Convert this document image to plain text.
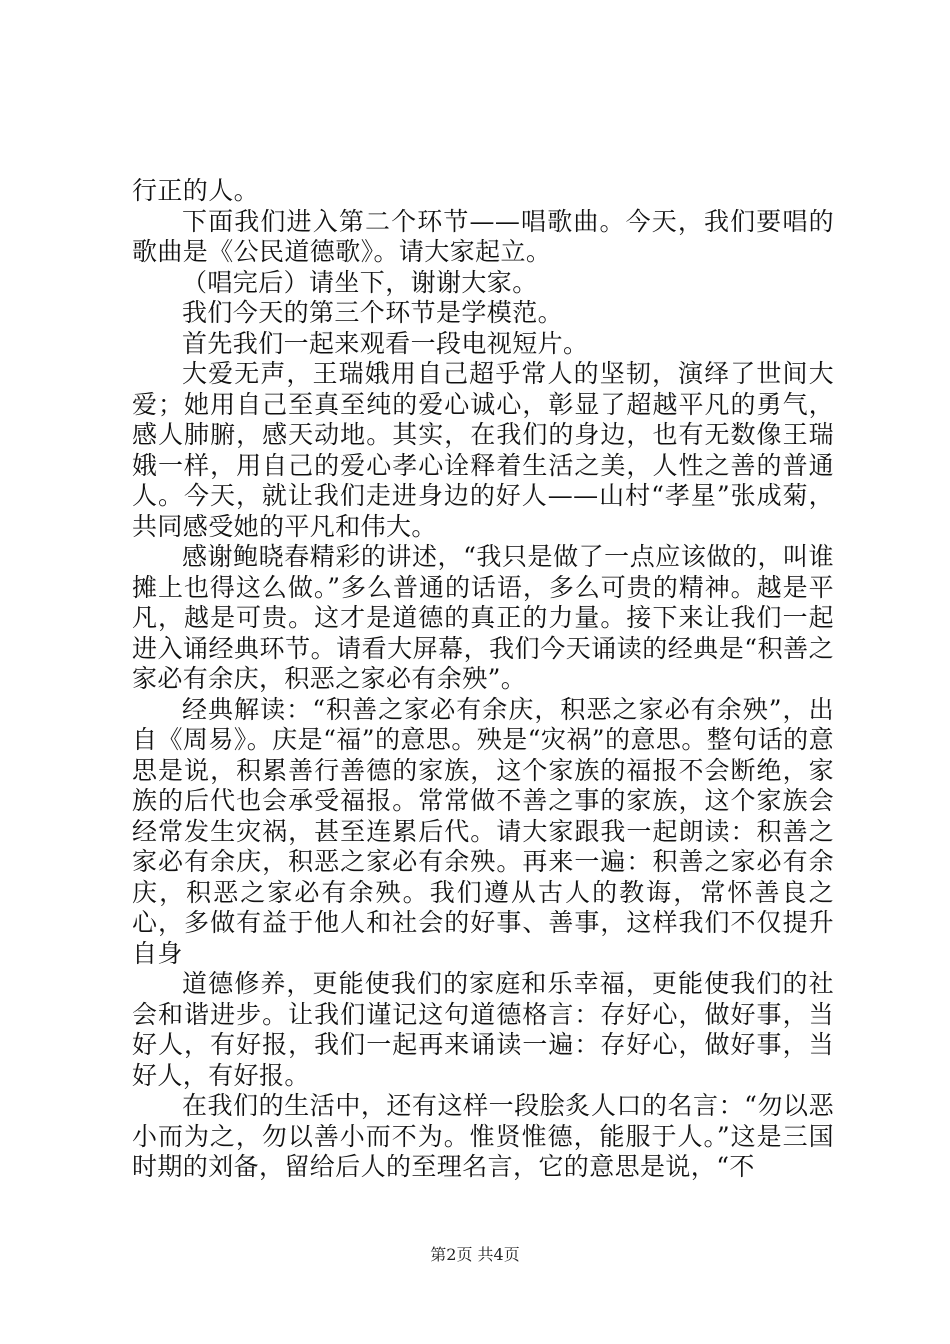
行正的人。

下面我们进入第二个环节——唱歌曲。今天，我们要唱的歌曲是《公民道德歌》。请大家起立。

（唱完后）请坐下，谢谢大家。

我们今天的第三个环节是学模范。

首先我们一起来观看一段电视短片。

大爱无声，王瑞娥用自己超乎常人的坚韧，演绎了世间大爱；她用自己至真至纯的爱心诚心，彰显了超越平凡的勇气，感人肺腑，感天动地。其实，在我们的身边，也有无数像王瑞娥一样，用自己的爱心孝心诠释着生活之美，人性之善的普通人。今天，就让我们走进身边的好人——山村“孝星”张成菊，共同感受她的平凡和伟大。

感谢鲍晓春精彩的讲述，“我只是做了一点应该做的，叫谁摊上也得这么做。”多么普通的话语，多么可贵的精神。越是平凡，越是可贵。这才是道德的真正的力量。接下来让我们一起进入诵经典环节。请看大屏幕，我们今天诵读的经典是“积善之家必有余庆，积恶之家必有余殃”。

经典解读：“积善之家必有余庆，积恶之家必有余殃”，出自《周易》。庆是“福”的意思。殃是“灾祸”的意思。整句话的意思是说，积累善行善德的家族，这个家族的福报不会断绝，家族的后代也会承受福报。常常做不善之事的家族，这个家族会经常发生灾祸，甚至连累后代。请大家跟我一起朗读：积善之家必有余庆，积恶之家必有余殃。再来一遍：积善之家必有余庆，积恶之家必有余殃。我们遵从古人的教诲，常怀善良之心，多做有益于他人和社会的好事、善事，这样我们不仅提升自身

道德修养，更能使我们的家庭和乐幸福，更能使我们的社会和谐进步。让我们谨记这句道德格言：存好心，做好事，当好人，有好报，我们一起再来诵读一遍：存好心，做好事，当好人，有好报。

在我们的生活中，还有这样一段脍炙人口的名言：“勿以恶小而为之，勿以善小而不为。惟贤惟德，能服于人。”这是三国时期的刘备，留给后人的至理名言，它的意思是说，“不

第2页 共4页
